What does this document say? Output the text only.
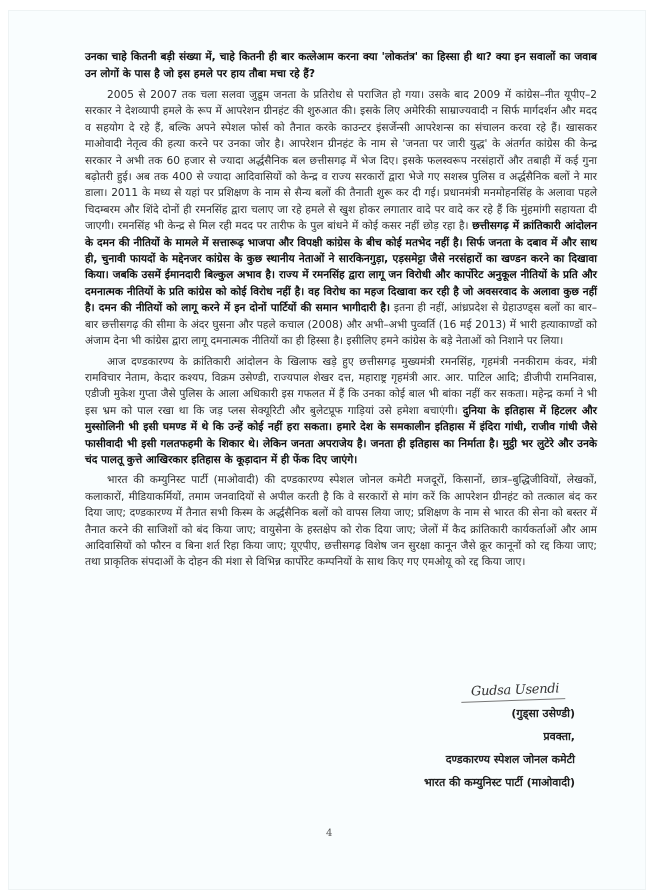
उनका चाहे कितनी बड़ी संख्या में, चाहे कितनी ही बार कत्लेआम करना क्या 'लोकतंत्र' का हिस्सा ही था? क्या इन सवालों का जवाब उन लोगों के पास है जो इस हमले पर हाय तौबा मचा रहे हैं?

2005 से 2007 तक चला सलवा जुडूम जनता के प्रतिरोध से पराजित हो गया। उसके बाद 2009 में कांग्रेस–नीत यूपीए–2 सरकार ने देशव्यापी हमले के रूप में आपरेशन ग्रीनहंट की शुरुआत की। इसके लिए अमेरिकी साम्राज्यवादी न सिर्फ मार्गदर्शन और मदद व सहयोग दे रहे हैं, बल्कि अपने स्पेशल फोर्स को तैनात करके काउन्टर इंसर्जेन्सी आपरेशन्स का संचालन करवा रहे हैं। खासकर माओवादी नेतृत्व की हत्या करने पर उनका जोर है। आपरेशन ग्रीनहंट के नाम से 'जनता पर जारी युद्ध' के अंतर्गत कांग्रेस की केन्द्र सरकार ने अभी तक 60 हजार से ज्यादा अर्द्धसैनिक बल छत्तीसगढ़ में भेज दिए। इसके फलस्वरूप नरसंहारों और तबाही में कई गुना बढ़ोतरी हुई। अब तक 400 से ज्यादा आदिवासियों को केन्द्र व राज्य सरकारों द्वारा भेजे गए सशस्त्र पुलिस व अर्द्धसैनिक बलों ने मार डाला। 2011 के मध्य से यहां पर प्रशिक्षण के नाम से सैन्य बलों की तैनाती शुरू कर दी गई। प्रधानमंत्री मनमोहनसिंह के अलावा पहले चिदम्बरम और शिंदे दोनों ही रमनसिंह द्वारा चलाए जा रहे हमले से खुश होकर लगातार वादे पर वादे कर रहे हैं कि मुंहमांगी सहायता दी जाएगी। रमनसिंह भी केन्द्र से मिल रही मदद पर तारीफ के पुल बांधने में कोई कसर नहीं छोड़ रहा है। छत्तीसगढ़ में क्रांतिकारी आंदोलन के दमन की नीतियों के मामले में सत्तारूढ़ भाजपा और विपक्षी कांग्रेस के बीच कोई मतभेद नहीं है। सिर्फ जनता के दबाव में और साथ ही, चुनावी फायदों के मद्देनजर कांग्रेस के कुछ स्थानीय नेताओं ने सारकिनगुड़ा, एड़समेट्टा जैसे नरसंहारों का खण्डन करने का दिखावा किया। जबकि उसमें ईमानदारी बिल्कुल अभाव है। राज्य में रमनसिंह द्वारा लागू जन विरोधी और कार्पोरेट अनुकूल नीतियों के प्रति और दमनात्मक नीतियों के प्रति कांग्रेस को कोई विरोध नहीं है। वह विरोध का महज दिखावा कर रही है जो अवसरवाद के अलावा कुछ नहीं है। दमन की नीतियों को लागू करने में इन दोनों पार्टियों की समान भागीदारी है। इतना ही नहीं, आंध्रप्रदेश से ग्रेहाउण्ड्स बलों का बार–बार छत्तीसगढ़ की सीमा के अंदर घुसना और पहले कचाल (2008) और अभी–अभी पुव्वर्ति (16 मई 2013) में भारी हत्याकाण्डों को अंजाम देना भी कांग्रेस द्वारा लागू दमनात्मक नीतियों का ही हिस्सा है। इसीलिए हमने कांग्रेस के बड़े नेताओं को निशाने पर लिया।

आज दण्डकारण्य के क्रांतिकारी आंदोलन के खिलाफ खड़े हुए छत्तीसगढ़ मुख्यमंत्री रमनसिंह, गृहमंत्री ननकीराम कंवर, मंत्री रामविचार नेताम, केदार कश्यप, विक्रम उसेण्डी, राज्यपाल शेखर दत्त, महाराष्ट्र गृहमंत्री आर. आर. पाटिल आदि; डीजीपी रामनिवास, एडीजी मुकेश गुप्ता जैसे पुलिस के आला अधिकारी इस गफलत में हैं कि उनका कोई बाल भी बांका नहीं कर सकता। महेन्द्र कर्मा ने भी इस भ्रम को पाल रखा था कि जड़ प्लस सेक्यूरिटी और बुलेटप्रूफ गाड़ियां उसे हमेशा बचाएंगी। दुनिया के इतिहास में हिटलर और मुस्सोलिनी भी इसी घमण्ड में थे कि उन्हें कोई नहीं हरा सकता। हमारे देश के समकालीन इतिहास में इंदिरा गांधी, राजीव गांधी जैसे फासीवादी भी इसी गलतफहमी के शिकार थे। लेकिन जनता अपराजेय है। जनता ही इतिहास का निर्माता है। मुट्ठी भर लुटेरे और उनके चंद पालतू कुत्ते आखिरकार इतिहास के कूड़ादान में ही फेंक दिए जाएंगे।

भारत की कम्युनिस्ट पार्टी (माओवादी) की दण्डकारण्य स्पेशल जोनल कमेटी मजदूरों, किसानों, छात्र–बुद्धिजीवियों, लेखकों, कलाकारों, मीडियाकर्मियों, तमाम जनवादियों से अपील करती है कि वे सरकारों से मांग करें कि आपरेशन ग्रीनहंट को तत्काल बंद कर दिया जाए; दण्डकारण्य में तैनात सभी किस्म के अर्द्धसैनिक बलों को वापस लिया जाए; प्रशिक्षण के नाम से भारत की सेना को बस्तर में तैनात करने की साजिशों को बंद किया जाए; वायुसेना के हस्तक्षेप को रोक दिया जाए; जेलों में कैद क्रांतिकारी कार्यकर्ताओं और आम आदिवासियों को फौरन व बिना शर्त रिहा किया जाए; यूएपीए, छत्तीसगढ़ विशेष जन सुरक्षा कानून जैसे क्रूर कानूनों को रद्द किया जाए; तथा प्राकृतिक संपदाओं के दोहन की मंशा से विभिन्न कार्पोरेट कम्पनियों के साथ किए गए एमओयू को रद्द किया जाए।

Gudsa Usendi
(गुड्सा उसेण्डी)
प्रवक्ता,
दण्डकारण्य स्पेशल जोनल कमेटी
भारत की कम्युनिस्ट पार्टी (माओवादी)
4
